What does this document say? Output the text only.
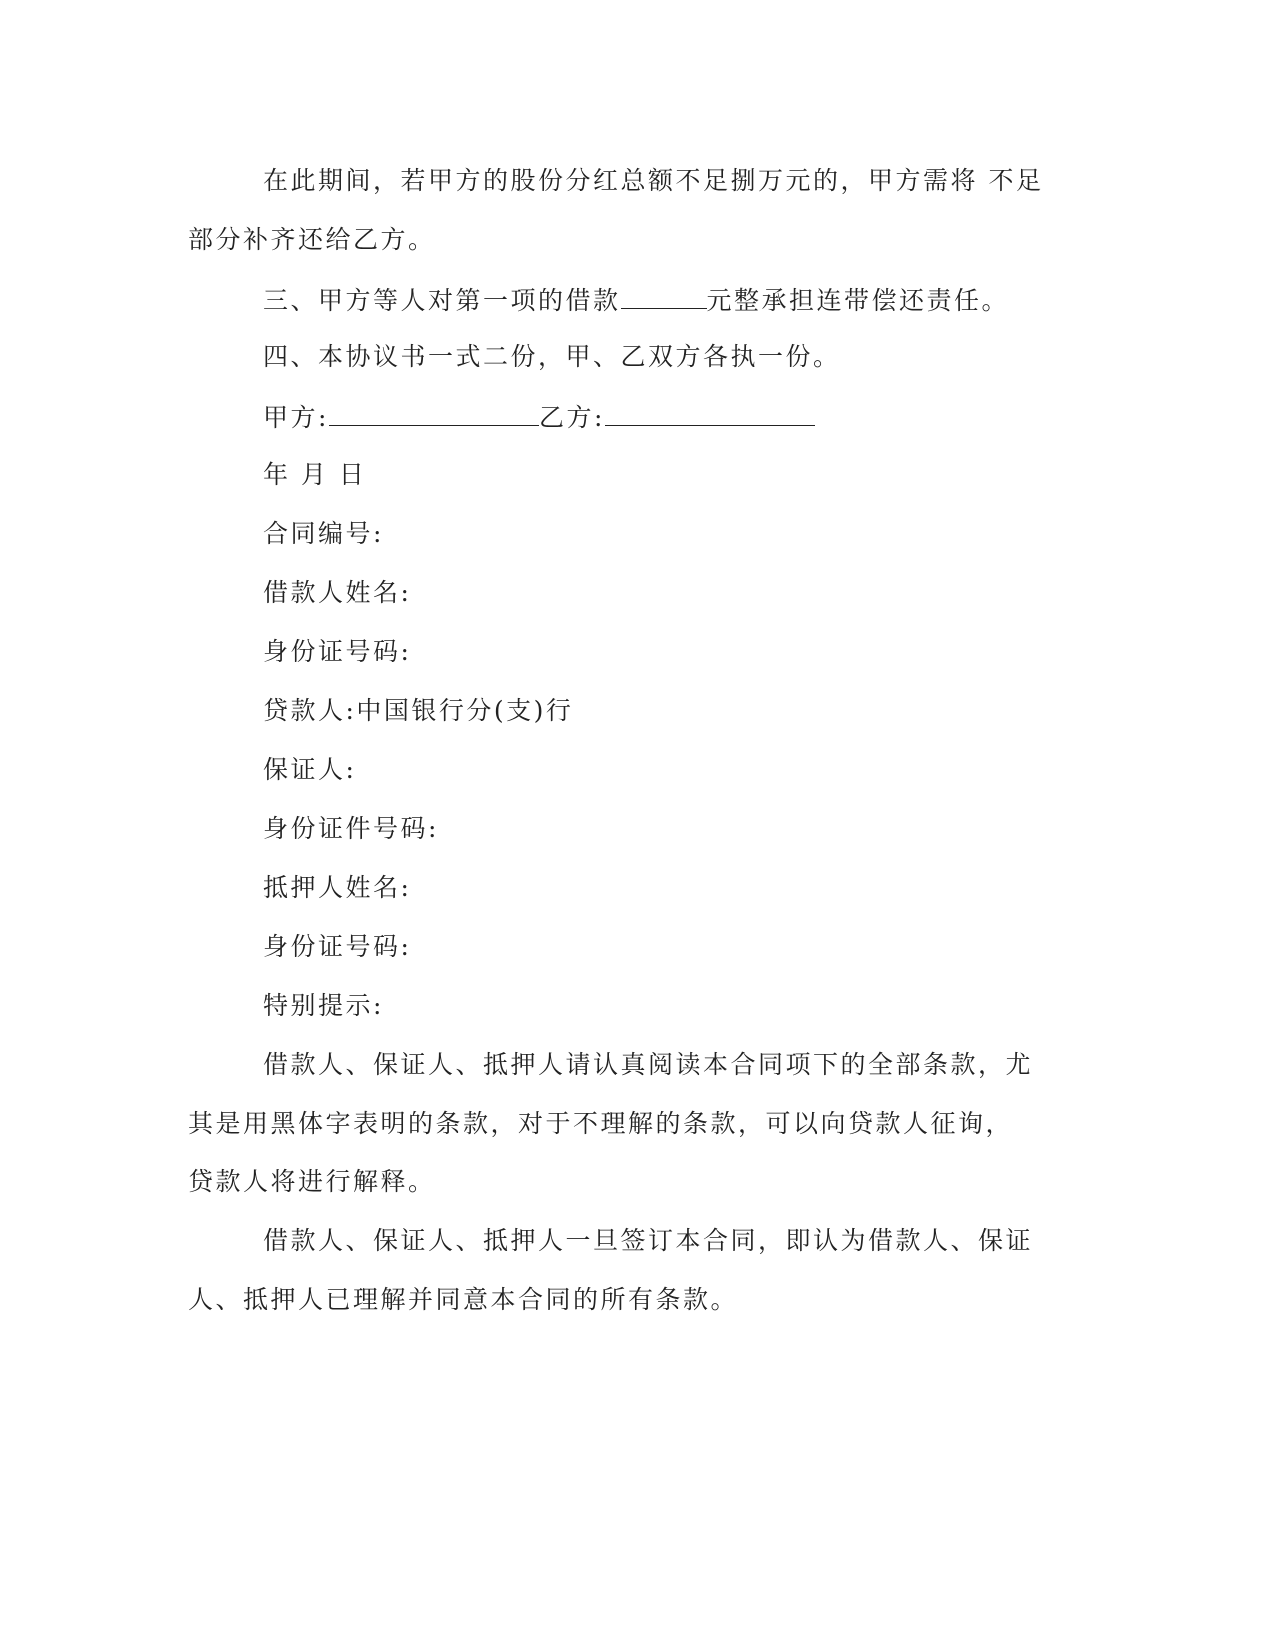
在此期间，若甲方的股份分红总额不足捌万元的，甲方需将 不足
部分补齐还给乙方。
三、甲方等人对第一项的借款	元整承担连带偿还责任。
四、本协议书一式二份，甲、乙双方各执一份。
甲方:	乙方:
年 月 日
合同编号:
借款人姓名:
身份证号码:
贷款人:中国银行分(支)行
保证人:
身份证件号码:
抵押人姓名:
身份证号码:
特别提示:
借款人、保证人、抵押人请认真阅读本合同项下的全部条款，尤
其是用黑体字表明的条款，对于不理解的条款，可以向贷款人征询，
贷款人将进行解释。
借款人、保证人、抵押人一旦签订本合同，即认为借款人、保证
人、抵押人已理解并同意本合同的所有条款。
